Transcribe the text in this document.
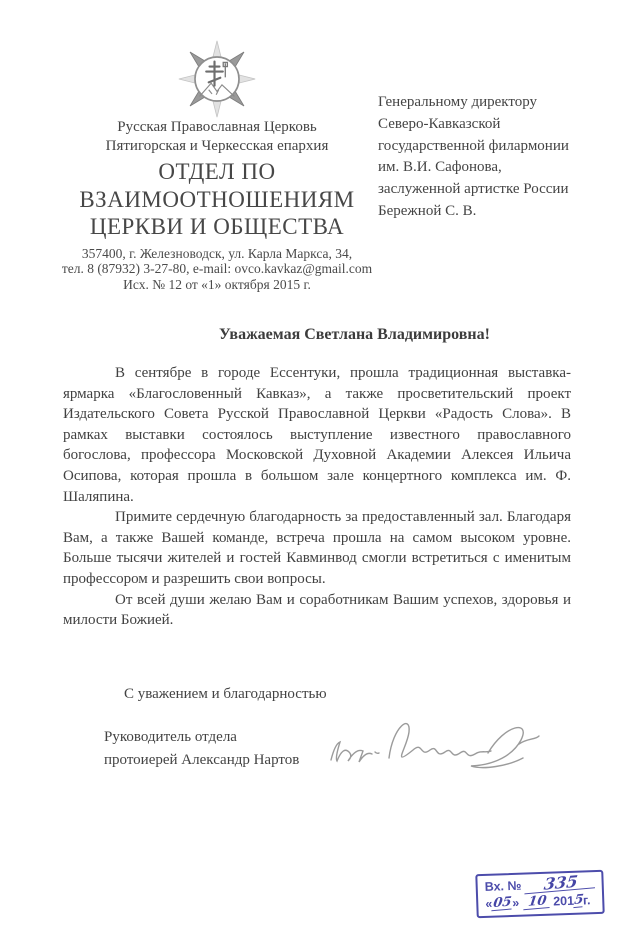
Русская Православная Церковь
Пятигорская и Черкесская епархия
ОТДЕЛ ПО
ВЗАИМООТНОШЕНИЯМ
ЦЕРКВИ И ОБЩЕСТВА
357400, г. Железноводск, ул. Карла Маркса, 34,
тел. 8 (87932) 3-27-80, e-mail: ovco.kavkaz@gmail.com
Исх. № 12 от «1» октября 2015 г.
Генеральному директору
Северо-Кавказской
государственной филармонии
им. В.И. Сафонова,
заслуженной артистке России
Бережной С. В.
Уважаемая Светлана Владимировна!

В сентябре в городе Ессентуки, прошла традиционная выставка-ярмарка «Благословенный Кавказ», а также просветительский проект Издательского Совета Русской Православной Церкви «Радость Слова». В рамках выставки состоялось выступление известного православного богослова, профессора Московской Духовной Академии Алексея Ильича Осипова, которая прошла в большом зале концертного комплекса им. Ф. Шаляпина.

Примите сердечную благодарность за предоставленный зал. Благодаря Вам, а также Вашей команде, встреча прошла на самом высоком уровне. Больше тысячи жителей и гостей Кавминвод смогли встретиться с именитым профессором и разрешить свои вопросы.

От всей души желаю Вам и соработникам Вашим успехов, здоровья и милости Божией.

С уважением и благодарностью
Руководитель отдела
протоиерей Александр Нартов
Вх. №	335
« 05 » 10 201
5
г.
